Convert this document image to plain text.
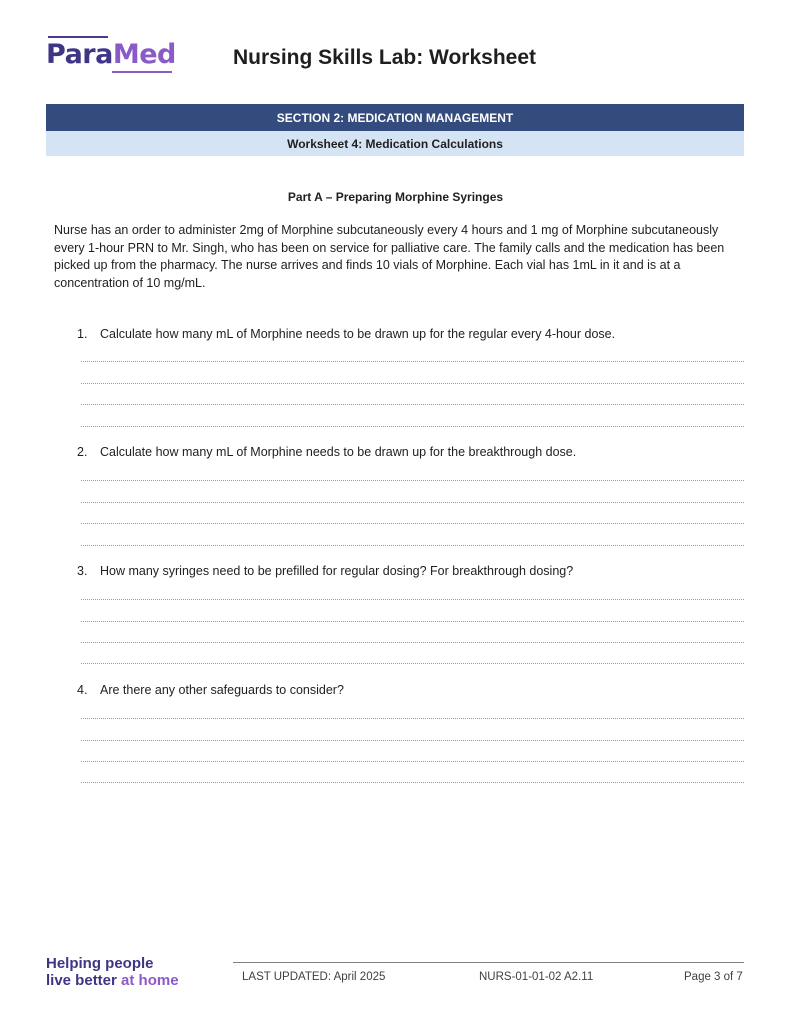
ParaMed	Nursing Skills Lab: Worksheet
SECTION 2: MEDICATION MANAGEMENT
Worksheet 4: Medication Calculations
Part A – Preparing Morphine Syringes

Nurse has an order to administer 2mg of Morphine subcutaneously every 4 hours and 1 mg of Morphine subcutaneously every 1-hour PRN to Mr. Singh, who has been on service for palliative care. The family calls and the medication has been picked up from the pharmacy. The nurse arrives and finds 10 vials of Morphine. Each vial has 1mL in it and is at a concentration of 10 mg/mL.

1. Calculate how many mL of Morphine needs to be drawn up for the regular every 4-hour dose.
2. Calculate how many mL of Morphine needs to be drawn up for the breakthrough dose.
3. How many syringes need to be prefilled for regular dosing? For breakthrough dosing?
4. Are there any other safeguards to consider?
Helping people
live better at home	LAST UPDATED: April 2025	NURS-01-01-02 A2.11	Page 3 of 7
